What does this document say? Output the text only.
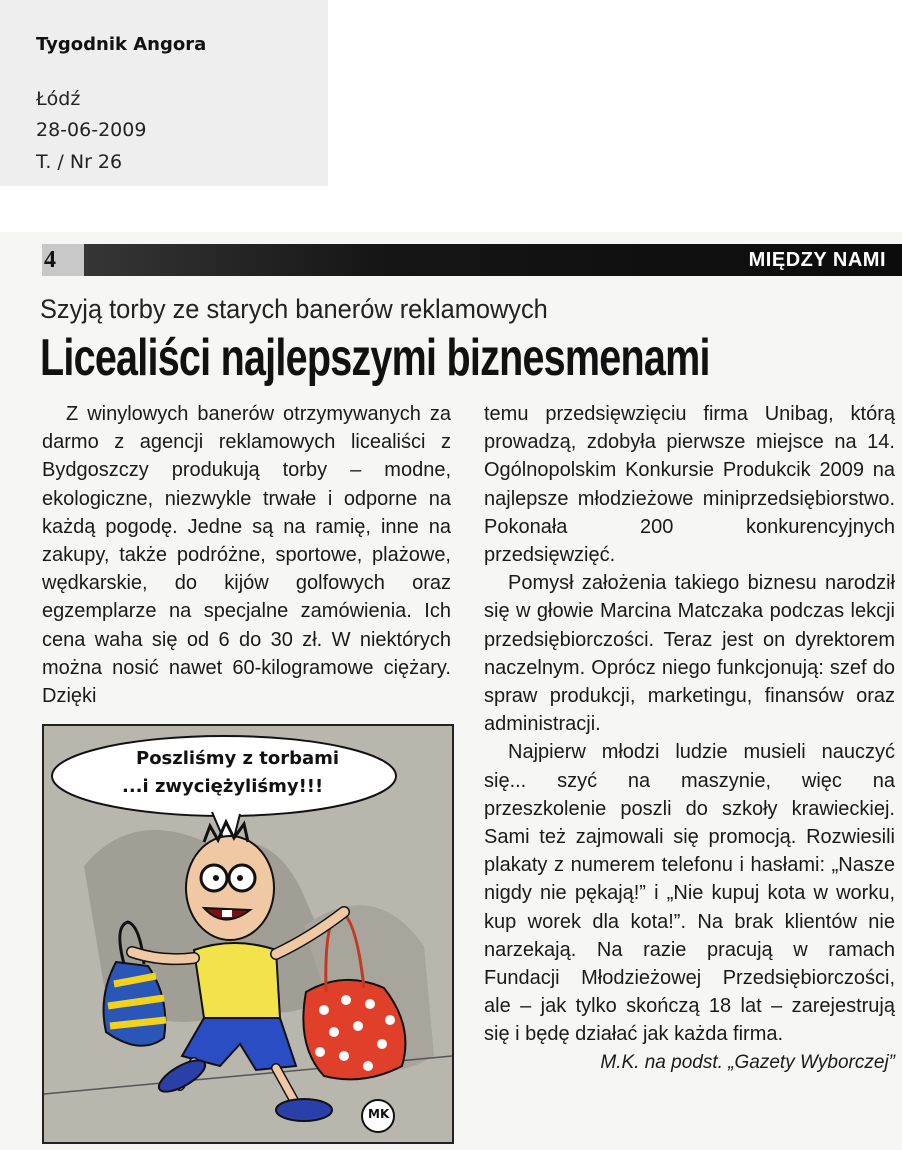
Tygodnik Angora
Łódź
28-06-2009
T. / Nr 26
4	MIĘDZY NAMI
Szyją torby ze starych banerów reklamowych
Licealiści najlepszymi biznesmenami

Z winylowych banerów otrzymywanych za darmo z agencji reklamowych licealiści z Bydgoszczy produkują torby – modne, ekologiczne, niezwykle trwałe i odporne na każdą pogodę. Jedne są na ramię, inne na zakupy, także podróżne, sportowe, plażowe, wędkarskie, do kijów golfowych oraz egzemplarze na specjalne zamówienia. Ich cena waha się od 6 do 30 zł. W niektórych można nosić nawet 60-kilogramowe ciężary. Dzięki

Poszliśmy z torbami
...i zwyciężyliśmy!!!
MK

temu przedsięwzięciu firma Unibag, którą prowadzą, zdobyła pierwsze miejsce na 14. Ogólnopolskim Konkursie Produkcik 2009 na najlepsze młodzieżowe miniprzedsiębiorstwo. Pokonała 200 konkurencyjnych przedsięwzięć.

Pomysł założenia takiego biznesu narodził się w głowie Marcina Matczaka podczas lekcji przedsiębiorczości. Teraz jest on dyrektorem naczelnym. Oprócz niego funkcjonują: szef do spraw produkcji, marketingu, finansów oraz administracji.

Najpierw młodzi ludzie musieli nauczyć się... szyć na maszynie, więc na przeszkolenie poszli do szkoły krawieckiej. Sami też zajmowali się promocją. Rozwiesili plakaty z numerem telefonu i hasłami: „Nasze nigdy nie pękają!” i „Nie kupuj kota w worku, kup worek dla kota!”. Na brak klientów nie narzekają. Na razie pracują w ramach Fundacji Młodzieżowej Przedsiębiorczości, ale – jak tylko skończą 18 lat – zarejestrują się i będę działać jak każda firma.

M.K. na podst. „Gazety Wyborczej”
